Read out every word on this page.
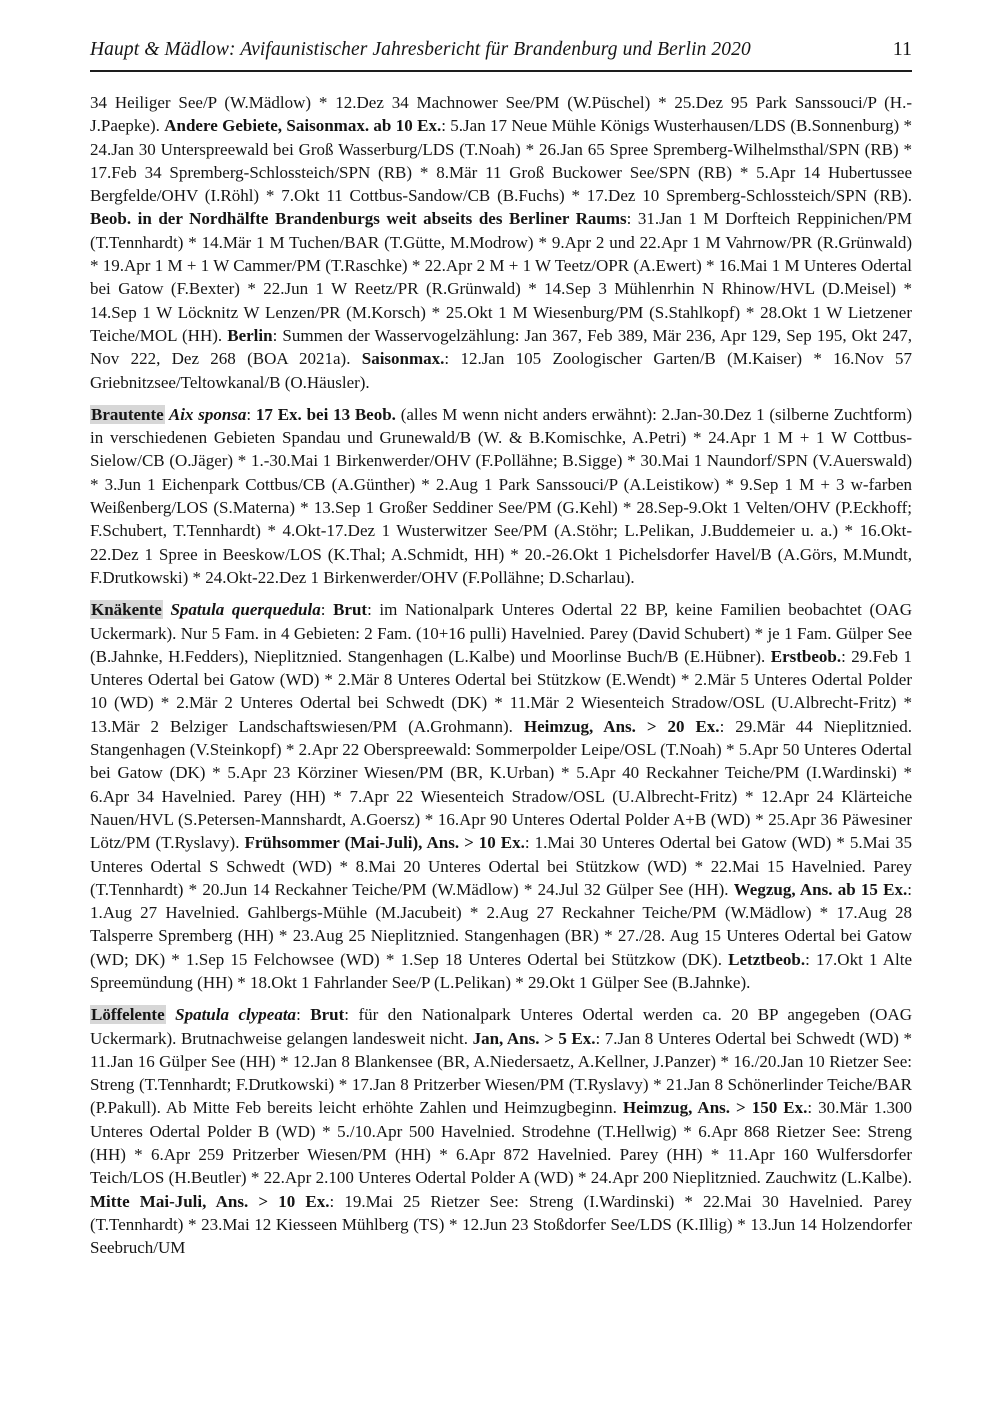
Haupt & Mädlow: Avifaunistischer Jahresbericht für Brandenburg und Berlin 2020	11

34 Heiliger See/P (W.Mädlow) * 12.Dez 34 Machnower See/PM (W.Püschel) * 25.Dez 95 Park Sanssouci/P (H.-J.Paepke). Andere Gebiete, Saisonmax. ab 10 Ex.: 5.Jan 17 Neue Mühle Königs Wusterhausen/LDS (B.Sonnenburg) * 24.Jan 30 Unterspreewald bei Groß Wasserburg/LDS (T.Noah) * 26.Jan 65 Spree Spremberg-Wilhelmsthal/SPN (RB) * 17.Feb 34 Spremberg-Schlossteich/SPN (RB) * 8.Mär 11 Groß Buckower See/SPN (RB) * 5.Apr 14 Hubertussee Bergfelde/OHV (I.Röhl) * 7.Okt 11 Cottbus-Sandow/CB (B.Fuchs) * 17.Dez 10 Spremberg-Schlossteich/SPN (RB). Beob. in der Nordhälfte Brandenburgs weit abseits des Berliner Raums: 31.Jan 1 M Dorfteich Reppinichen/PM (T.Tennhardt) * 14.Mär 1 M Tuchen/BAR (T.Gütte, M.Modrow) * 9.Apr 2 und 22.Apr 1 M Vahrnow/PR (R.Grünwald) * 19.Apr 1 M + 1 W Cammer/PM (T.Raschke) * 22.Apr 2 M + 1 W Teetz/OPR (A.Ewert) * 16.Mai 1 M Unteres Odertal bei Gatow (F.Bexter) * 22.Jun 1 W Reetz/PR (R.Grünwald) * 14.Sep 3 Mühlenrhin N Rhinow/HVL (D.Meisel) * 14.Sep 1 W Löcknitz W Lenzen/PR (M.Korsch) * 25.Okt 1 M Wiesenburg/PM (S.Stahlkopf) * 28.Okt 1 W Lietzener Teiche/MOL (HH). Berlin: Summen der Wasservogelzählung: Jan 367, Feb 389, Mär 236, Apr 129, Sep 195, Okt 247, Nov 222, Dez 268 (BOA 2021a). Saisonmax.: 12.Jan 105 Zoologischer Garten/B (M.Kaiser) * 16.Nov 57 Griebnitzsee/Teltowkanal/B (O.Häusler).

Brautente Aix sponsa: 17 Ex. bei 13 Beob. (alles M wenn nicht anders erwähnt): 2.Jan-30.Dez 1 (silberne Zuchtform) in verschiedenen Gebieten Spandau und Grunewald/B (W. & B.Komischke, A.Petri) * 24.Apr 1 M + 1 W Cottbus-Sielow/CB (O.Jäger) * 1.-30.Mai 1 Birkenwerder/OHV (F.Pollähne; B.Sigge) * 30.Mai 1 Naundorf/SPN (V.Auerswald) * 3.Jun 1 Eichenpark Cottbus/CB (A.Günther) * 2.Aug 1 Park Sanssouci/P (A.Leistikow) * 9.Sep 1 M + 3 w-farben Weißenberg/LOS (S.Materna) * 13.Sep 1 Großer Seddiner See/PM (G.Kehl) * 28.Sep-9.Okt 1 Velten/OHV (P.Eckhoff; F.Schubert, T.Tennhardt) * 4.Okt-17.Dez 1 Wusterwitzer See/PM (A.Stöhr; L.Pelikan, J.Buddemeier u. a.) * 16.Okt-22.Dez 1 Spree in Beeskow/LOS (K.Thal; A.Schmidt, HH) * 20.-26.Okt 1 Pichelsdorfer Havel/B (A.Görs, M.Mundt, F.Drutkowski) * 24.Okt-22.Dez 1 Birkenwerder/OHV (F.Pollähne; D.Scharlau).

Knäkente Spatula querquedula: Brut: im Nationalpark Unteres Odertal 22 BP, keine Familien beobachtet (OAG Uckermark). Nur 5 Fam. in 4 Gebieten: 2 Fam. (10+16 pulli) Havelnied. Parey (David Schubert) * je 1 Fam. Gülper See (B.Jahnke, H.Fedders), Nieplitznied. Stangenhagen (L.Kalbe) und Moorlinse Buch/B (E.Hübner). Erstbeob.: 29.Feb 1 Unteres Odertal bei Gatow (WD) * 2.Mär 8 Unteres Odertal bei Stützkow (E.Wendt) * 2.Mär 5 Unteres Odertal Polder 10 (WD) * 2.Mär 2 Unteres Odertal bei Schwedt (DK) * 11.Mär 2 Wiesenteich Stradow/OSL (U.Albrecht-Fritz) * 13.Mär 2 Belziger Landschaftswiesen/PM (A.Grohmann). Heimzug, Ans. > 20 Ex.: 29.Mär 44 Nieplitznied. Stangenhagen (V.Steinkopf) * 2.Apr 22 Oberspreewald: Sommerpolder Leipe/OSL (T.Noah) * 5.Apr 50 Unteres Odertal bei Gatow (DK) * 5.Apr 23 Körziner Wiesen/PM (BR, K.Urban) * 5.Apr 40 Reckahner Teiche/PM (I.Wardinski) * 6.Apr 34 Havelnied. Parey (HH) * 7.Apr 22 Wiesenteich Stradow/OSL (U.Albrecht-Fritz) * 12.Apr 24 Klärteiche Nauen/HVL (S.Petersen-Mannshardt, A.Goersz) * 16.Apr 90 Unteres Odertal Polder A+B (WD) * 25.Apr 36 Päwesiner Lötz/PM (T.Ryslavy). Frühsommer (Mai-Juli), Ans. > 10 Ex.: 1.Mai 30 Unteres Odertal bei Gatow (WD) * 5.Mai 35 Unteres Odertal S Schwedt (WD) * 8.Mai 20 Unteres Odertal bei Stützkow (WD) * 22.Mai 15 Havelnied. Parey (T.Tennhardt) * 20.Jun 14 Reckahner Teiche/PM (W.Mädlow) * 24.Jul 32 Gülper See (HH). Wegzug, Ans. ab 15 Ex.: 1.Aug 27 Havelnied. Gahlbergs-Mühle (M.Jacubeit) * 2.Aug 27 Reckahner Teiche/PM (W.Mädlow) * 17.Aug 28 Talsperre Spremberg (HH) * 23.Aug 25 Nieplitznied. Stangenhagen (BR) * 27./28. Aug 15 Unteres Odertal bei Gatow (WD; DK) * 1.Sep 15 Felchowsee (WD) * 1.Sep 18 Unteres Odertal bei Stützkow (DK). Letztbeob.: 17.Okt 1 Alte Spreemündung (HH) * 18.Okt 1 Fahrlander See/P (L.Pelikan) * 29.Okt 1 Gülper See (B.Jahnke).

Löffelente Spatula clypeata: Brut: für den Nationalpark Unteres Odertal werden ca. 20 BP angegeben (OAG Uckermark). Brutnachweise gelangen landesweit nicht. Jan, Ans. > 5 Ex.: 7.Jan 8 Unteres Odertal bei Schwedt (WD) * 11.Jan 16 Gülper See (HH) * 12.Jan 8 Blankensee (BR, A.Niedersaetz, A.Kellner, J.Panzer) * 16./20.Jan 10 Rietzer See: Streng (T.Tennhardt; F.Drutkowski) * 17.Jan 8 Pritzerber Wiesen/PM (T.Ryslavy) * 21.Jan 8 Schönerlinder Teiche/BAR (P.Pakull). Ab Mitte Feb bereits leicht erhöhte Zahlen und Heimzugbeginn. Heimzug, Ans. > 150 Ex.: 30.Mär 1.300 Unteres Odertal Polder B (WD) * 5./10.Apr 500 Havelnied. Strodehne (T.Hellwig) * 6.Apr 868 Rietzer See: Streng (HH) * 6.Apr 259 Pritzerber Wiesen/PM (HH) * 6.Apr 872 Havelnied. Parey (HH) * 11.Apr 160 Wulfersdorfer Teich/LOS (H.Beutler) * 22.Apr 2.100 Unteres Odertal Polder A (WD) * 24.Apr 200 Nieplitznied. Zauchwitz (L.Kalbe). Mitte Mai-Juli, Ans. > 10 Ex.: 19.Mai 25 Rietzer See: Streng (I.Wardinski) * 22.Mai 30 Havelnied. Parey (T.Tennhardt) * 23.Mai 12 Kiesseen Mühlberg (TS) * 12.Jun 23 Stoßdorfer See/LDS (K.Illig) * 13.Jun 14 Holzendorfer Seebruch/UM
